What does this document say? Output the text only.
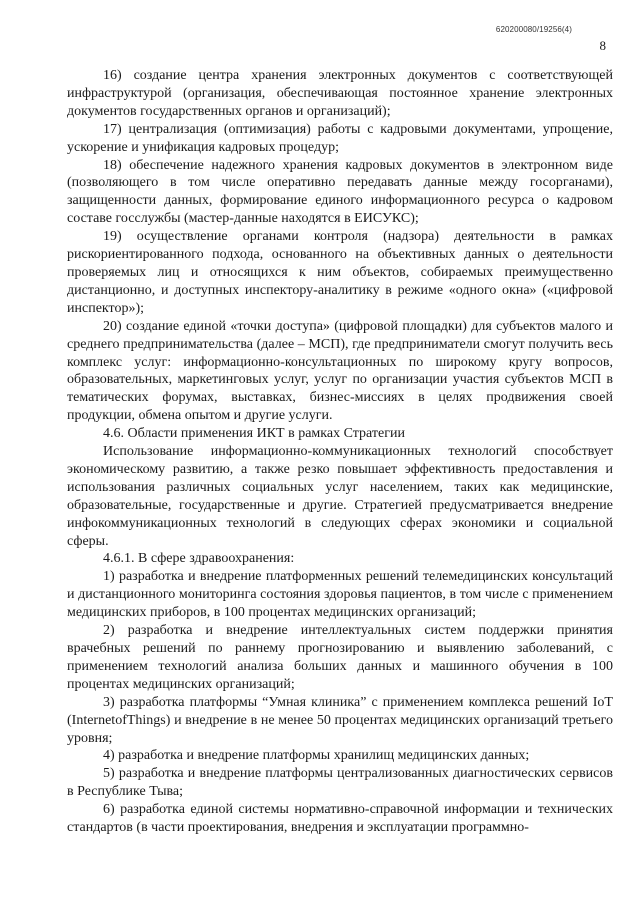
620200080/19256(4)
8

16) создание центра хранения электронных документов с соответствующей инфраструктурой (организация, обеспечивающая постоянное хранение электронных документов государственных органов и организаций);

17) централизация (оптимизация) работы с кадровыми документами, упрощение, ускорение и унификация кадровых процедур;

18) обеспечение надежного хранения кадровых документов в электронном виде (позволяющего в том числе оперативно передавать данные между госорганами), защищенности данных, формирование единого информационного ресурса о кадровом составе госслужбы (мастер-данные находятся в ЕИСУКС);

19) осуществление органами контроля (надзора) деятельности в рамках рискориентированного подхода, основанного на объективных данных о деятельности проверяемых лиц и относящихся к ним объектов, собираемых преимущественно дистанционно, и доступных инспектору-аналитику в режиме «одного окна» («цифровой инспектор»);

20) создание единой «точки доступа» (цифровой площадки) для субъектов малого и среднего предпринимательства (далее – МСП), где предприниматели смогут получить весь комплекс услуг: информационно-консультационных по широкому кругу вопросов, образовательных, маркетинговых услуг, услуг по организации участия субъектов МСП в тематических форумах, выставках, бизнес-миссиях в целях продвижения своей продукции, обмена опытом и другие услуги.

4.6. Области применения ИКТ в рамках Стратегии

Использование информационно-коммуникационных технологий способствует экономическому развитию, а также резко повышает эффективность предоставления и использования различных социальных услуг населением, таких как медицинские, образовательные, государственные и другие. Стратегией предусматривается внедрение инфокоммуникационных технологий в следующих сферах экономики и социальной сферы.

4.6.1. В сфере здравоохранения:

1) разработка и внедрение платформенных решений телемедицинских консультаций и дистанционного мониторинга состояния здоровья пациентов, в том числе с применением медицинских приборов, в 100 процентах медицинских организаций;

2) разработка и внедрение интеллектуальных систем поддержки принятия врачебных решений по раннему прогнозированию и выявлению заболеваний, с применением технологий анализа больших данных и машинного обучения в 100 процентах медицинских организаций;

3) разработка платформы “Умная клиника” с применением комплекса решений IoT (InternetofThings) и внедрение в не менее 50 процентах медицинских организаций третьего уровня;

4) разработка и внедрение платформы хранилищ медицинских данных;

5) разработка и внедрение платформы централизованных диагностических сервисов в Республике Тыва;

6) разработка единой системы нормативно-справочной информации и технических стандартов (в части проектирования, внедрения и эксплуатации программно-
